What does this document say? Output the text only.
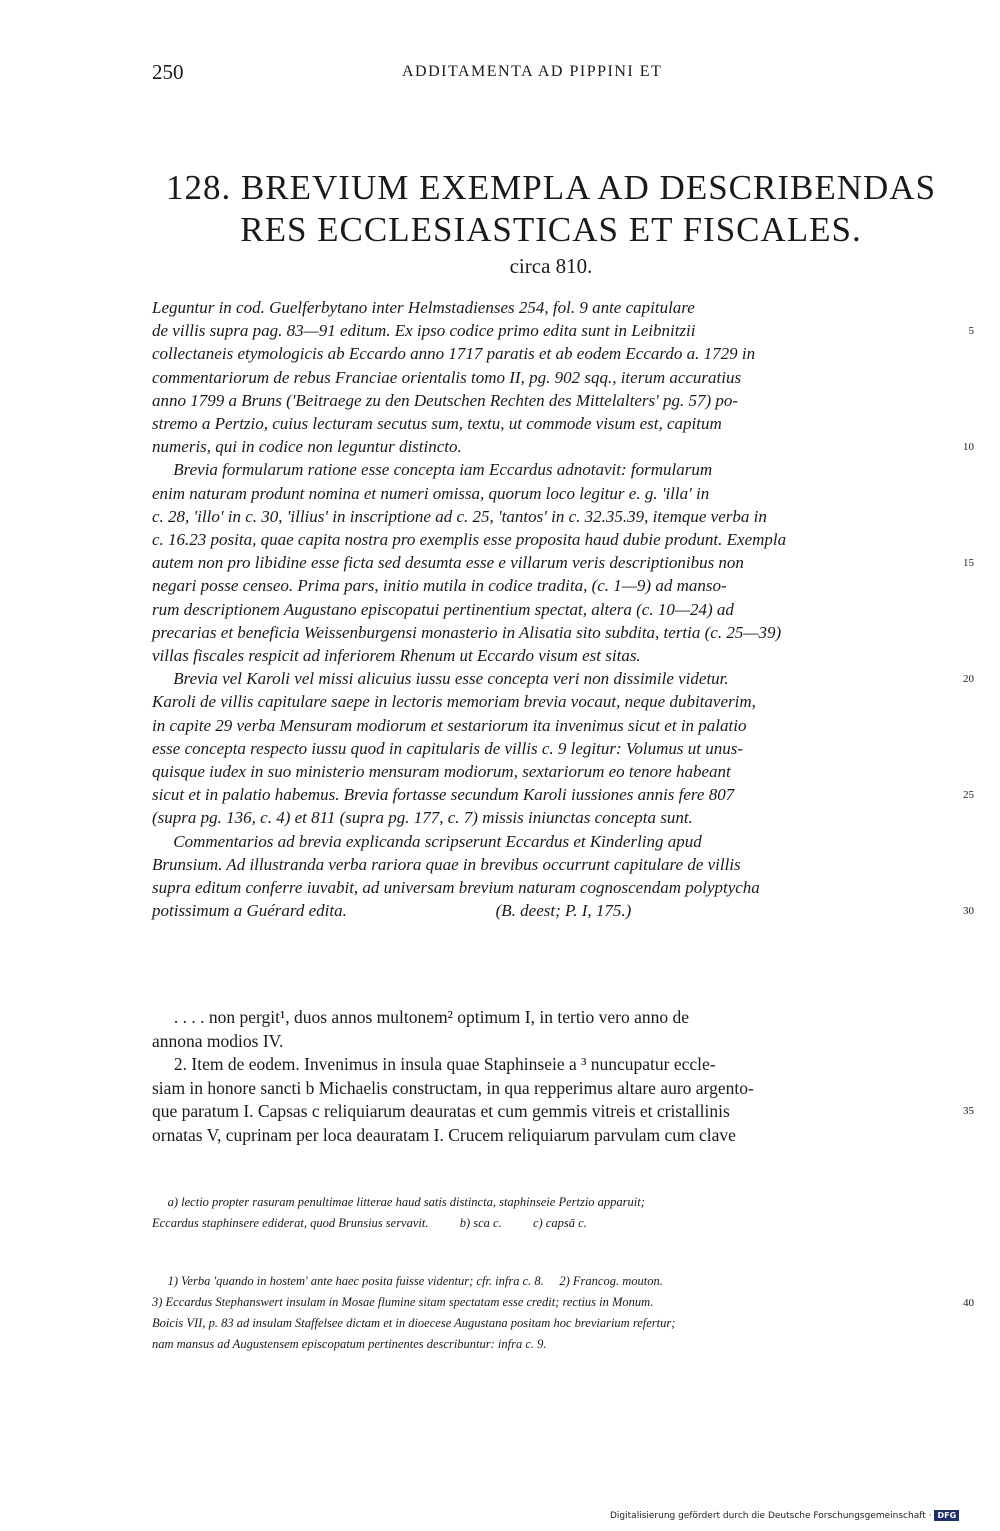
250	ADDITAMENTA AD PIPPINI ET
128. BREVIUM EXEMPLA AD DESCRIBENDAS
RES ECCLESIASTICAS ET FISCALES.
circa 810.
Leguntur in cod. Guelferbytano inter Helmstadienses 254, fol. 9 ante capitulare
de villis supra pag. 83—91 editum. Ex ipso codice primo edita sunt in Leibnitzii	5
collectaneis etymologicis ab Eccardo anno 1717 paratis et ab eodem Eccardo a. 1729 in
commentariorum de rebus Franciae orientalis tomo II, pg. 902 sqq., iterum accuratius
anno 1799 a Bruns ('Beitraege zu den Deutschen Rechten des Mittelalters' pg. 57) po-
stremo a Pertzio, cuius lecturam secutus sum, textu, ut commode visum est, capitum
numeris, qui in codice non leguntur distincto.	10
Brevia formularum ratione esse concepta iam Eccardus adnotavit: formularum
enim naturam produnt nomina et numeri omissa, quorum loco legitur e. g. 'illa' in
c. 28, 'illo' in c. 30, 'illius' in inscriptione ad c. 25, 'tantos' in c. 32.35.39, itemque verba in
c. 16.23 posita, quae capita nostra pro exemplis esse proposita haud dubie produnt. Exempla
autem non pro libidine esse ficta sed desumta esse e villarum veris descriptionibus non	15
negari posse censeo. Prima pars, initio mutila in codice tradita, (c. 1—9) ad manso-
rum descriptionem Augustano episcopatui pertinentium spectat, altera (c. 10—24) ad
precarias et beneficia Weissenburgensi monasterio in Alisatia sito subdita, tertia (c. 25—39)
villas fiscales respicit ad inferiorem Rhenum ut Eccardo visum est sitas.
Brevia vel Karoli vel missi alicuius iussu esse concepta veri non dissimile videtur.	20
Karoli de villis capitulare saepe in lectoris memoriam brevia vocaut, neque dubitaverim,
in capite 29 verba Mensuram modiorum et sestariorum ita invenimus sicut et in palatio
esse concepta respecto iussu quod in capitularis de villis c. 9 legitur: Volumus ut unus-
quisque iudex in suo ministerio mensuram modiorum, sextariorum eo tenore habeant
sicut et in palatio habemus. Brevia fortasse secundum Karoli iussiones annis fere 807	25
(supra pg. 136, c. 4) et 811 (supra pg. 177, c. 7) missis iniunctas concepta sunt.
Commentarios ad brevia explicanda scripserunt Eccardus et Kinderling apud
Brunsium. Ad illustranda verba rariora quae in brevibus occurrunt capitulare de villis
supra editum conferre iuvabit, ad universam brevium naturam cognoscendam polyptycha
potissimum a Guérard edita.                                   (B. deest; P. I, 175.)	30
. . . . non pergit¹, duos annos multonem² optimum I, in tertio vero anno de
annona modios IV.
2. Item de eodem. Invenimus in insula quae Staphinseie a ³ nuncupatur eccle-
siam in honore sancti b Michaelis constructam, in qua repperimus altare auro argento-
que paratum I. Capsas c reliquiarum deauratas et cum gemmis vitreis et cristallinis	35
ornatas V, cuprinam per loca deauratam I. Crucem reliquiarum parvulam cum clave
a) lectio propter rasuram penultimae litterae haud satis distincta, staphinseie Pertzio apparuit;
Eccardus staphinsere ediderat, quod Brunsius servavit.          b) sca c.          c) capsā c.
1) Verba 'quando in hostem' ante haec posita fuisse videntur; cfr. infra c. 8.     2) Francog. mouton.
3) Eccardus Stephanswert insulam in Mosae flumine sitam spectatam esse credit; rectius in Monum.	40
Boicis VII, p. 83 ad insulam Staffelsee dictam et in dioecese Augustana positam hoc breviarium refertur;
nam mansus ad Augustensem episcopatum pertinentes describuntur: infra c. 9.
Digitalisierung gefördert durch die Deutsche Forschungsgemeinschaft · DFG
